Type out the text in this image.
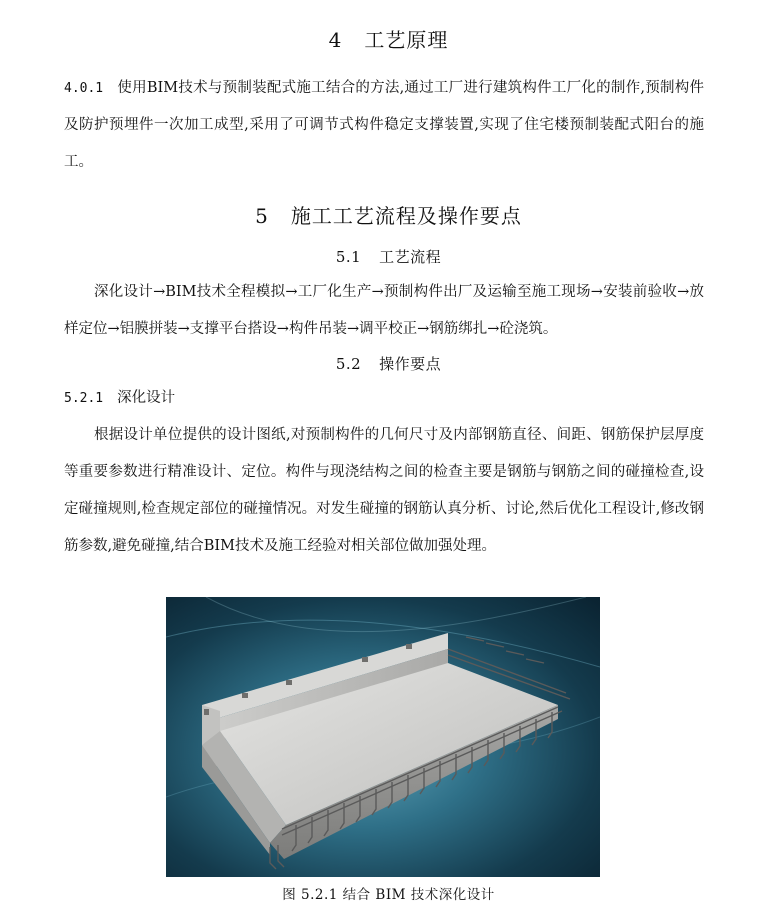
4 工艺原理

4.0.1 使用BIM技术与预制装配式施工结合的方法,通过工厂进行建筑构件工厂化的制作,预制构件及防护预埋件一次加工成型,采用了可调节式构件稳定支撑装置,实现了住宅楼预制装配式阳台的施工。

5 施工工艺流程及操作要点
5.1 工艺流程

深化设计→BIM技术全程模拟→工厂化生产→预制构件出厂及运输至施工现场→安装前验收→放样定位→铝膜拼装→支撑平台搭设→构件吊装→调平校正→钢筋绑扎→砼浇筑。

5.2 操作要点

5.2.1 深化设计

根据设计单位提供的设计图纸,对预制构件的几何尺寸及内部钢筋直径、间距、钢筋保护层厚度等重要参数进行精准设计、定位。构件与现浇结构之间的检查主要是钢筋与钢筋之间的碰撞检查,设定碰撞规则,检查规定部位的碰撞情况。对发生碰撞的钢筋认真分析、讨论,然后优化工程设计,修改钢筋参数,避免碰撞,结合BIM技术及施工经验对相关部位做加强处理。

图 5.2.1 结合 BIM 技术深化设计
